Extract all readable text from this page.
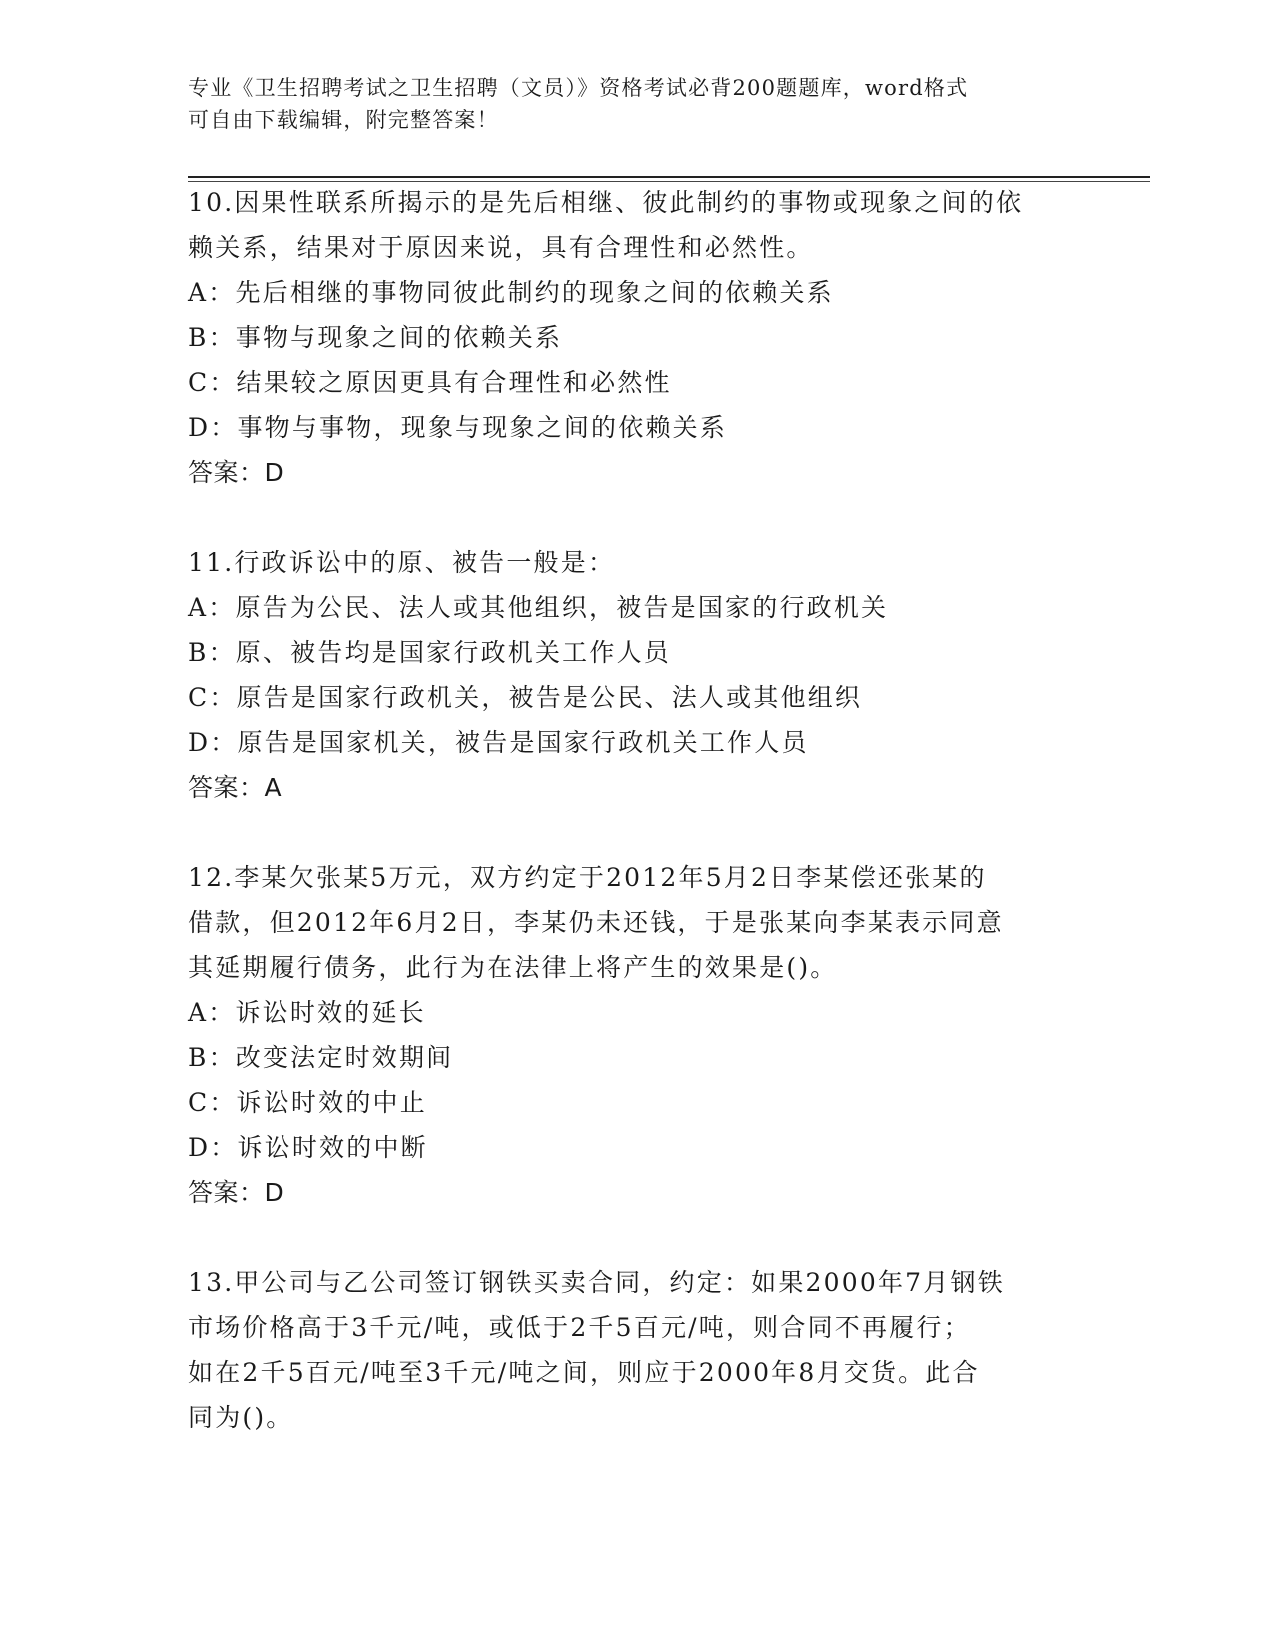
专业《卫生招聘考试之卫生招聘（文员）》资格考试必背200题题库，word格式

可自由下载编辑，附完整答案！

10.因果性联系所揭示的是先后相继、彼此制约的事物或现象之间的依

赖关系，结果对于原因来说，具有合理性和必然性。

A：先后相继的事物同彼此制约的现象之间的依赖关系

B：事物与现象之间的依赖关系

C：结果较之原因更具有合理性和必然性

D：事物与事物，现象与现象之间的依赖关系

答案：D

11.行政诉讼中的原、被告一般是：

A：原告为公民、法人或其他组织，被告是国家的行政机关

B：原、被告均是国家行政机关工作人员

C：原告是国家行政机关，被告是公民、法人或其他组织

D：原告是国家机关，被告是国家行政机关工作人员

答案：A

12.李某欠张某5万元，双方约定于2012年5月2日李某偿还张某的

借款，但2012年6月2日，李某仍未还钱，于是张某向李某表示同意

其延期履行债务，此行为在法律上将产生的效果是()。

A：诉讼时效的延长

B：改变法定时效期间

C：诉讼时效的中止

D：诉讼时效的中断

答案：D

13.甲公司与乙公司签订钢铁买卖合同，约定：如果2000年7月钢铁

市场价格高于3千元/吨，或低于2千5百元/吨，则合同不再履行；

如在2千5百元/吨至3千元/吨之间，则应于2000年8月交货。此合

同为()。
